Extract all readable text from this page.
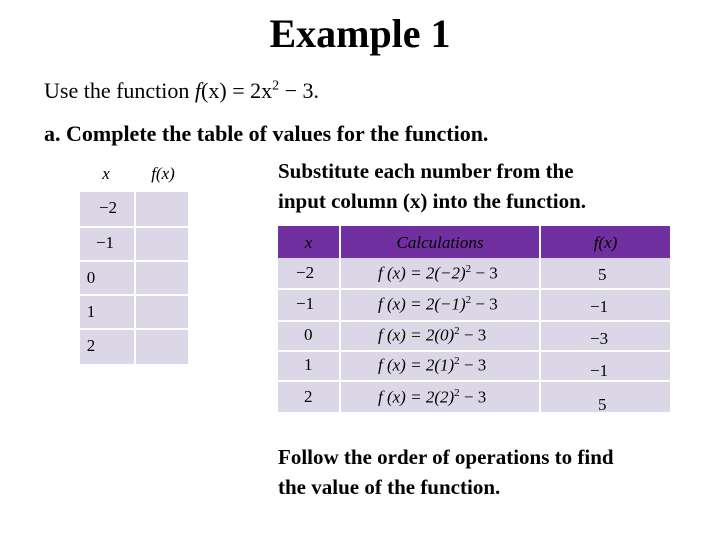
Example 1
Use the function $f(x) = 2x^2 - 3$.
a. Complete the table of values for the function.
Substitute each number from the
input column (x) into the function.
x	f(x)
−2
−1
0
1
2
x	Calculations	f(x)
−2	f $(x) = 2(-2)^2 - 3$	5
−1	f $(x) = 2(-1)^2 - 3$	−1
0	f $(x) = 2(0)^2 - 3$	−3
1	f $(x) = 2(1)^2 - 3$	−1
2	f $(x) = 2(2)^2 - 3$	5
Follow the order of operations to find
the value of the function.
